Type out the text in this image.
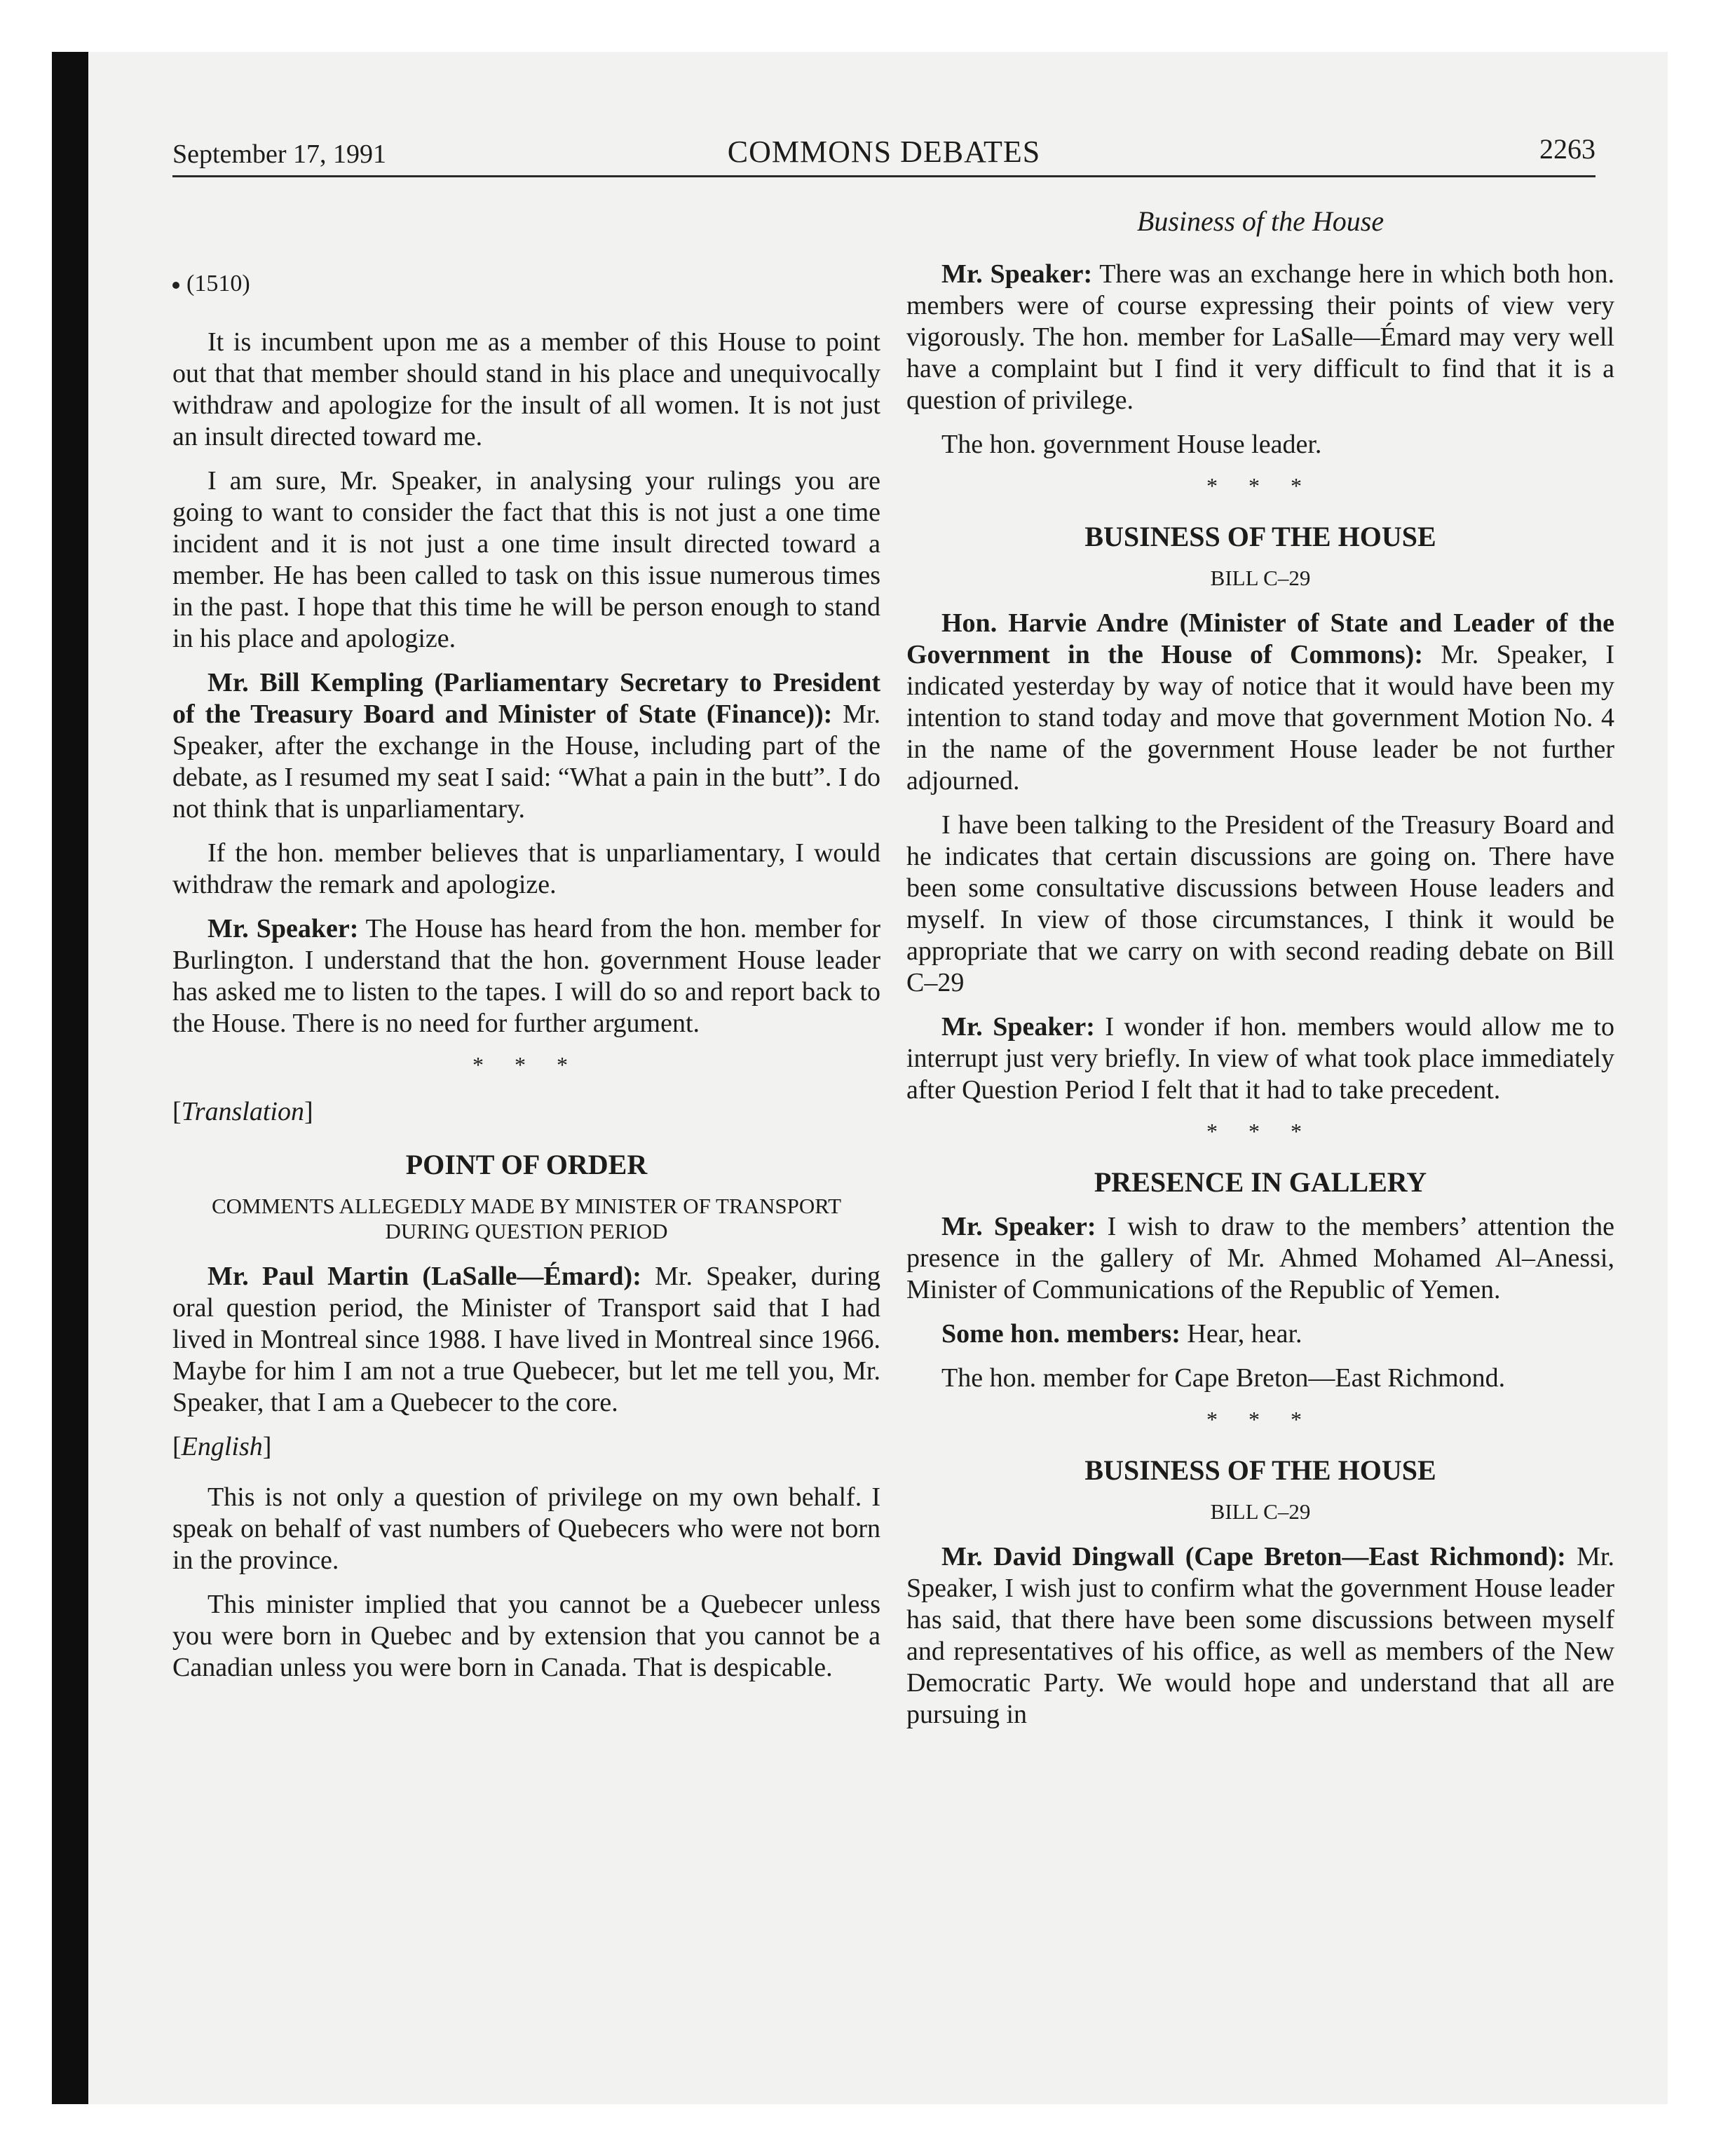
September 17, 1991	COMMONS DEBATES	2263
(1510)

It is incumbent upon me as a member of this House to point out that that member should stand in his place and unequivocally withdraw and apologize for the insult of all women. It is not just an insult directed toward me.

I am sure, Mr. Speaker, in analysing your rulings you are going to want to consider the fact that this is not just a one time incident and it is not just a one time insult directed toward a member. He has been called to task on this issue numerous times in the past. I hope that this time he will be person enough to stand in his place and apologize.

Mr. Bill Kempling (Parliamentary Secretary to President of the Treasury Board and Minister of State (Finance)): Mr. Speaker, after the exchange in the House, including part of the debate, as I resumed my seat I said: “What a pain in the butt”. I do not think that is unparliamentary.

If the hon. member believes that is unparliamentary, I would withdraw the remark and apologize.

Mr. Speaker: The House has heard from the hon. member for Burlington. I understand that the hon. government House leader has asked me to listen to the tapes. I will do so and report back to the House. There is no need for further argument.

* * *
[Translation]
POINT OF ORDER
COMMENTS ALLEGEDLY MADE BY MINISTER OF TRANSPORT DURING QUESTION PERIOD

Mr. Paul Martin (LaSalle—Émard): Mr. Speaker, during oral question period, the Minister of Transport said that I had lived in Montreal since 1988. I have lived in Montreal since 1966. Maybe for him I am not a true Quebecer, but let me tell you, Mr. Speaker, that I am a Quebecer to the core.

[English]

This is not only a question of privilege on my own behalf. I speak on behalf of vast numbers of Quebecers who were not born in the province.

This minister implied that you cannot be a Quebecer unless you were born in Quebec and by extension that you cannot be a Canadian unless you were born in Canada. That is despicable.

Business of the House

Mr. Speaker: There was an exchange here in which both hon. members were of course expressing their points of view very vigorously. The hon. member for LaSalle—Émard may very well have a complaint but I find it very difficult to find that it is a question of privilege.

The hon. government House leader.

* * *
BUSINESS OF THE HOUSE
BILL C–29

Hon. Harvie Andre (Minister of State and Leader of the Government in the House of Commons): Mr. Speaker, I indicated yesterday by way of notice that it would have been my intention to stand today and move that government Motion No. 4 in the name of the government House leader be not further adjourned.

I have been talking to the President of the Treasury Board and he indicates that certain discussions are going on. There have been some consultative discussions between House leaders and myself. In view of those circumstances, I think it would be appropriate that we carry on with second reading debate on Bill C–29

Mr. Speaker: I wonder if hon. members would allow me to interrupt just very briefly. In view of what took place immediately after Question Period I felt that it had to take precedent.

* * *
PRESENCE IN GALLERY

Mr. Speaker: I wish to draw to the members’ attention the presence in the gallery of Mr. Ahmed Mohamed Al–Anessi, Minister of Communications of the Republic of Yemen.

Some hon. members: Hear, hear.

The hon. member for Cape Breton—East Richmond.

* * *
BUSINESS OF THE HOUSE
BILL C–29

Mr. David Dingwall (Cape Breton—East Richmond): Mr. Speaker, I wish just to confirm what the government House leader has said, that there have been some discussions between myself and representatives of his office, as well as members of the New Democratic Party. We would hope and understand that all are pursuing in
